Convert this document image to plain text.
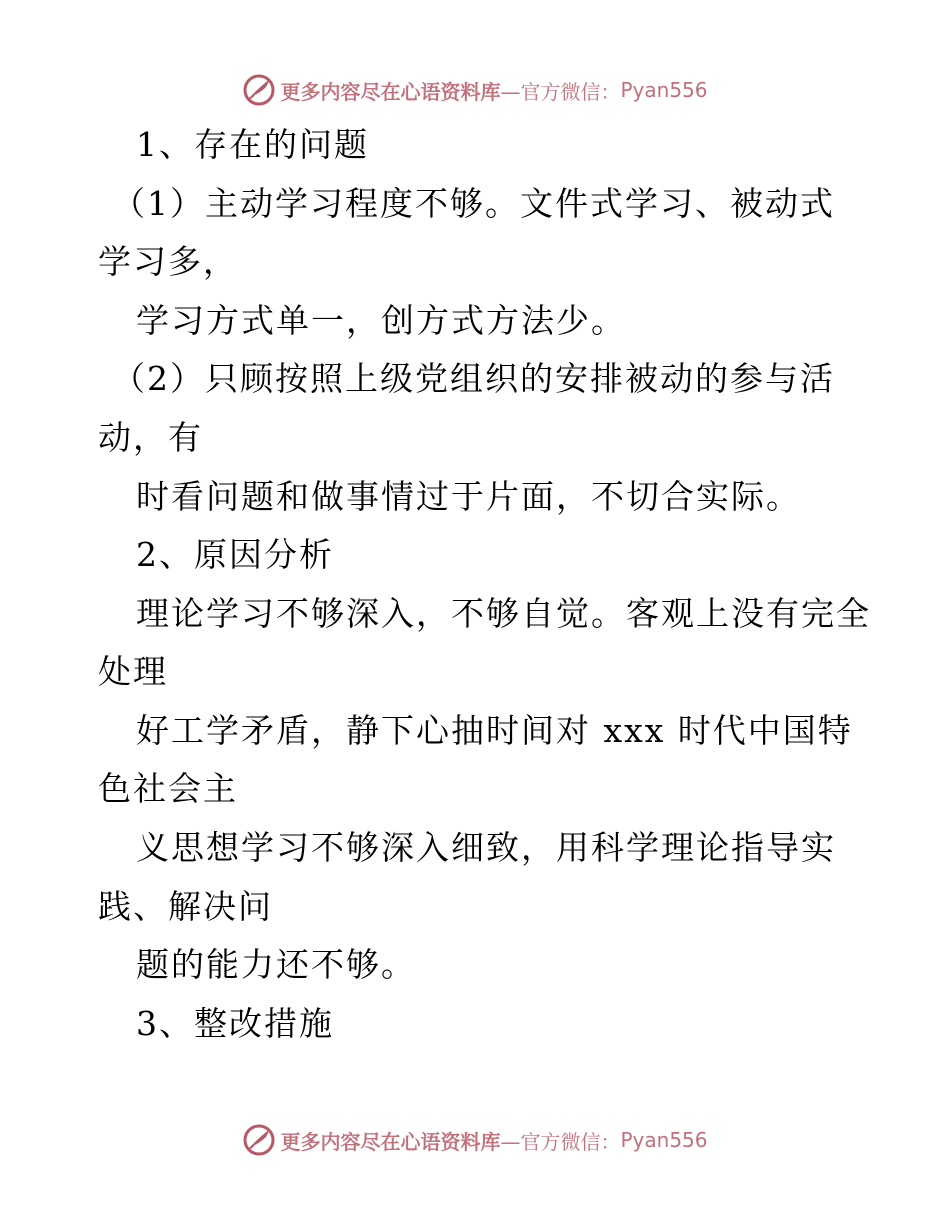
更多内容尽在心语资料库 —官方微信： Pyan556
1、存在的问题
（1）主动学习程度不够。文件式学习、被动式
学习多，
学习方式单一，创方式方法少。
（2）只顾按照上级党组织的安排被动的参与活
动，有
时看问题和做事情过于片面，不切合实际。
2、原因分析
理论学习不够深入，不够自觉。客观上没有完全
处理
好工学矛盾，静下心抽时间对 xxx 时代中国特
色社会主
义思想学习不够深入细致，用科学理论指导实
践、解决问
题的能力还不够。
3、整改措施
更多内容尽在心语资料库 —官方微信： Pyan556
